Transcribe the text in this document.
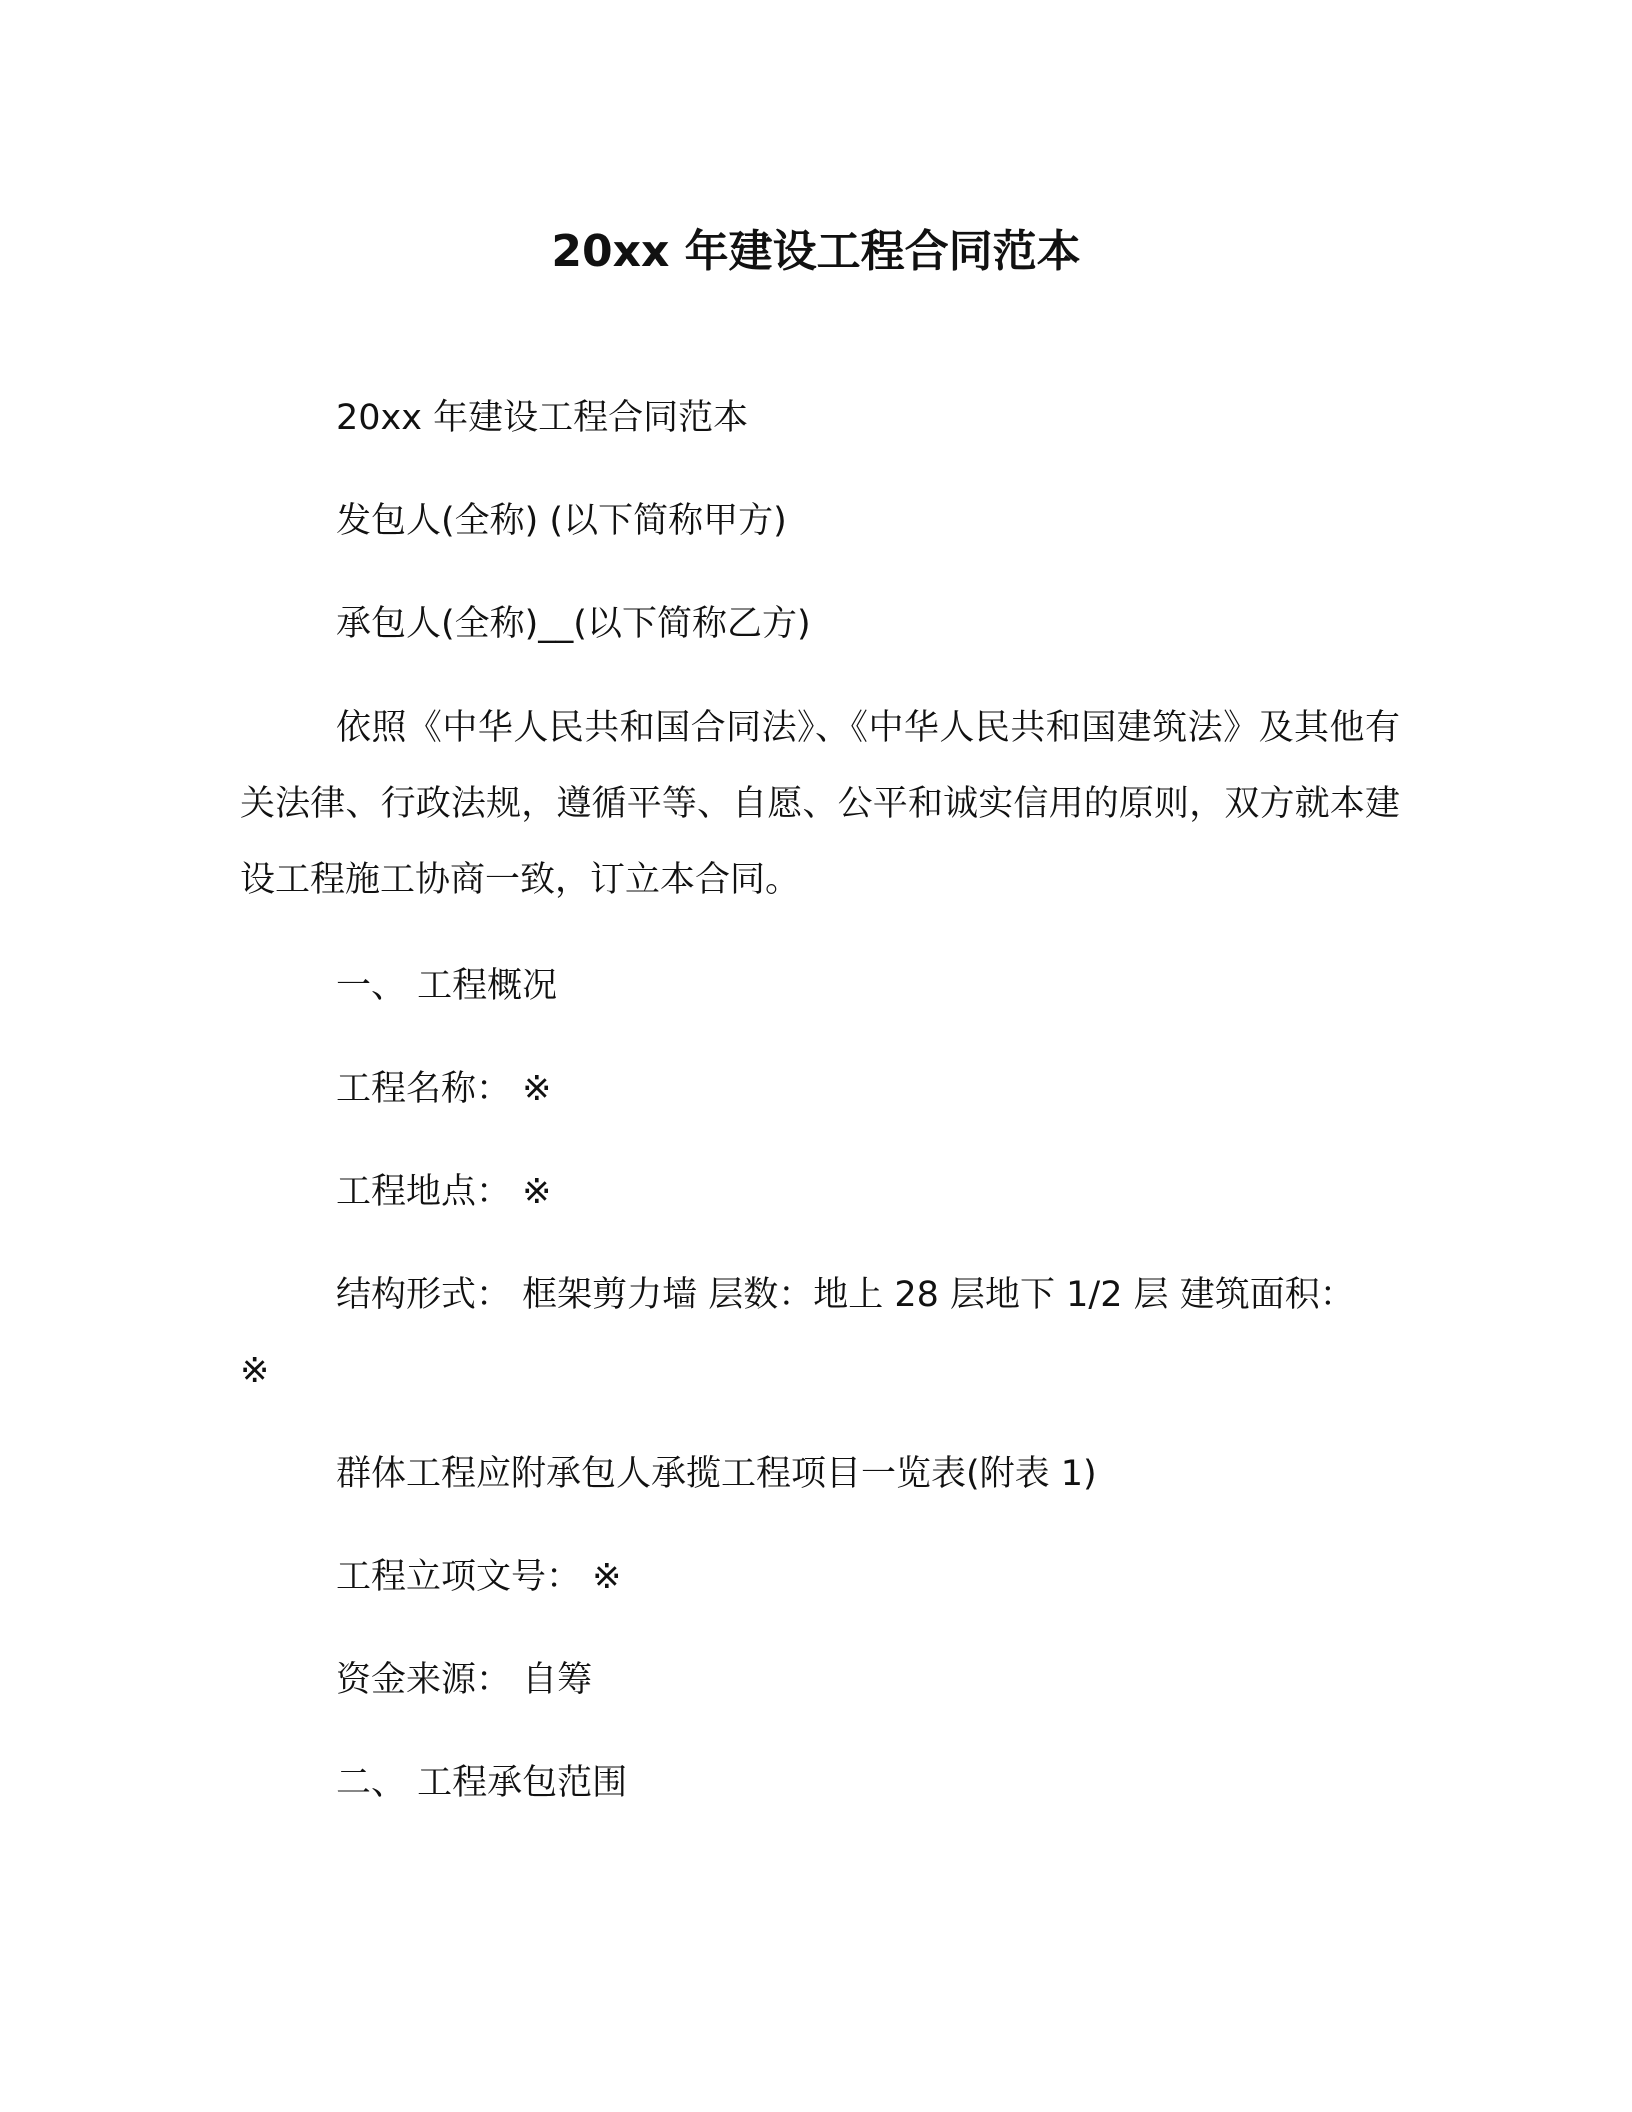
20xx 年建设工程合同范本
20xx 年建设工程合同范本
发包人(全称) (以下简称甲方)
承包人(全称)__(以下简称乙方)
依照《中华人民共和国合同法》、《中华人民共和国建筑法》及其他有关法律、行政法规，遵循平等、自愿、公平和诚实信用的原则，双方就本建设工程施工协商一致，订立本合同。
一、 工程概况
工程名称： ※
工程地点： ※
结构形式： 框架剪力墙 层数：地上 28 层地下 1/2 层 建筑面积：
※
群体工程应附承包人承揽工程项目一览表(附表 1)
工程立项文号： ※
资金来源： 自筹
二、 工程承包范围
